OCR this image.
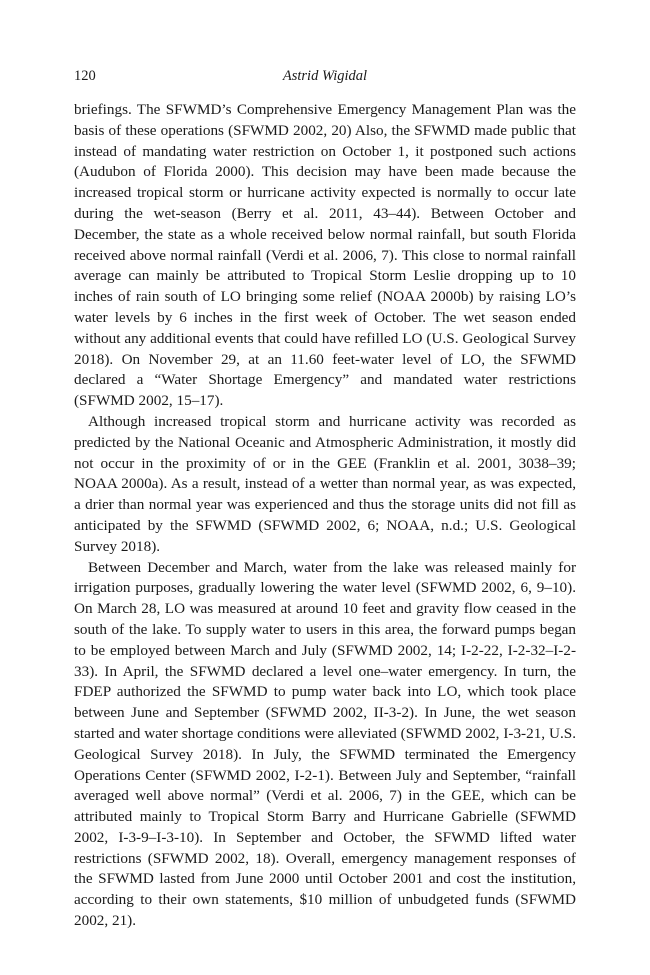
120	Astrid Wigidal

briefings. The SFWMD’s Comprehensive Emergency Management Plan was the basis of these operations (SFWMD 2002, 20) Also, the SFWMD made public that instead of mandating water restriction on October 1, it postponed such actions (Audubon of Florida 2000). This decision may have been made because the increased tropical storm or hurricane activity expected is normally to occur late during the wet-season (Berry et al. 2011, 43–44). Between October and December, the state as a whole received below normal rainfall, but south Florida received above normal rainfall (Verdi et al. 2006, 7). This close to normal rainfall average can mainly be attributed to Tropical Storm Leslie dropping up to 10 inches of rain south of LO bringing some relief (NOAA 2000b) by raising LO’s water levels by 6 inches in the first week of October. The wet season ended without any additional events that could have refilled LO (U.S. Geological Survey 2018). On November 29, at an 11.60 feet-water level of LO, the SFWMD declared a “Water Shortage Emergency” and mandated water restrictions (SFWMD 2002, 15–17).

Although increased tropical storm and hurricane activity was recorded as predicted by the National Oceanic and Atmospheric Administration, it mostly did not occur in the proximity of or in the GEE (Franklin et al. 2001, 3038–39; NOAA 2000a). As a result, instead of a wetter than normal year, as was expected, a drier than normal year was experienced and thus the storage units did not fill as anticipated by the SFWMD (SFWMD 2002, 6; NOAA, n.d.; U.S. Geological Survey 2018).

Between December and March, water from the lake was released mainly for irrigation purposes, gradually lowering the water level (SFWMD 2002, 6, 9–10). On March 28, LO was measured at around 10 feet and gravity flow ceased in the south of the lake. To supply water to users in this area, the forward pumps began to be employed between March and July (SFWMD 2002, 14; I-2-22, I-2-32–I-2-33). In April, the SFWMD declared a level one–water emergency. In turn, the FDEP authorized the SFWMD to pump water back into LO, which took place between June and September (SFWMD 2002, II-3-2). In June, the wet season started and water shortage conditions were alleviated (SFWMD 2002, I-3-21, U.S. Geological Survey 2018). In July, the SFWMD terminated the Emergency Operations Center (SFWMD 2002, I-2-1). Between July and September, “rainfall averaged well above normal” (Verdi et al. 2006, 7) in the GEE, which can be attributed mainly to Tropical Storm Barry and Hurricane Gabrielle (SFWMD 2002, I-3-9–I-3-10). In September and October, the SFWMD lifted water restrictions (SFWMD 2002, 18). Overall, emergency management responses of the SFWMD lasted from June 2000 until October 2001 and cost the institution, according to their own statements, $10 million of unbudgeted funds (SFWMD 2002, 21).
